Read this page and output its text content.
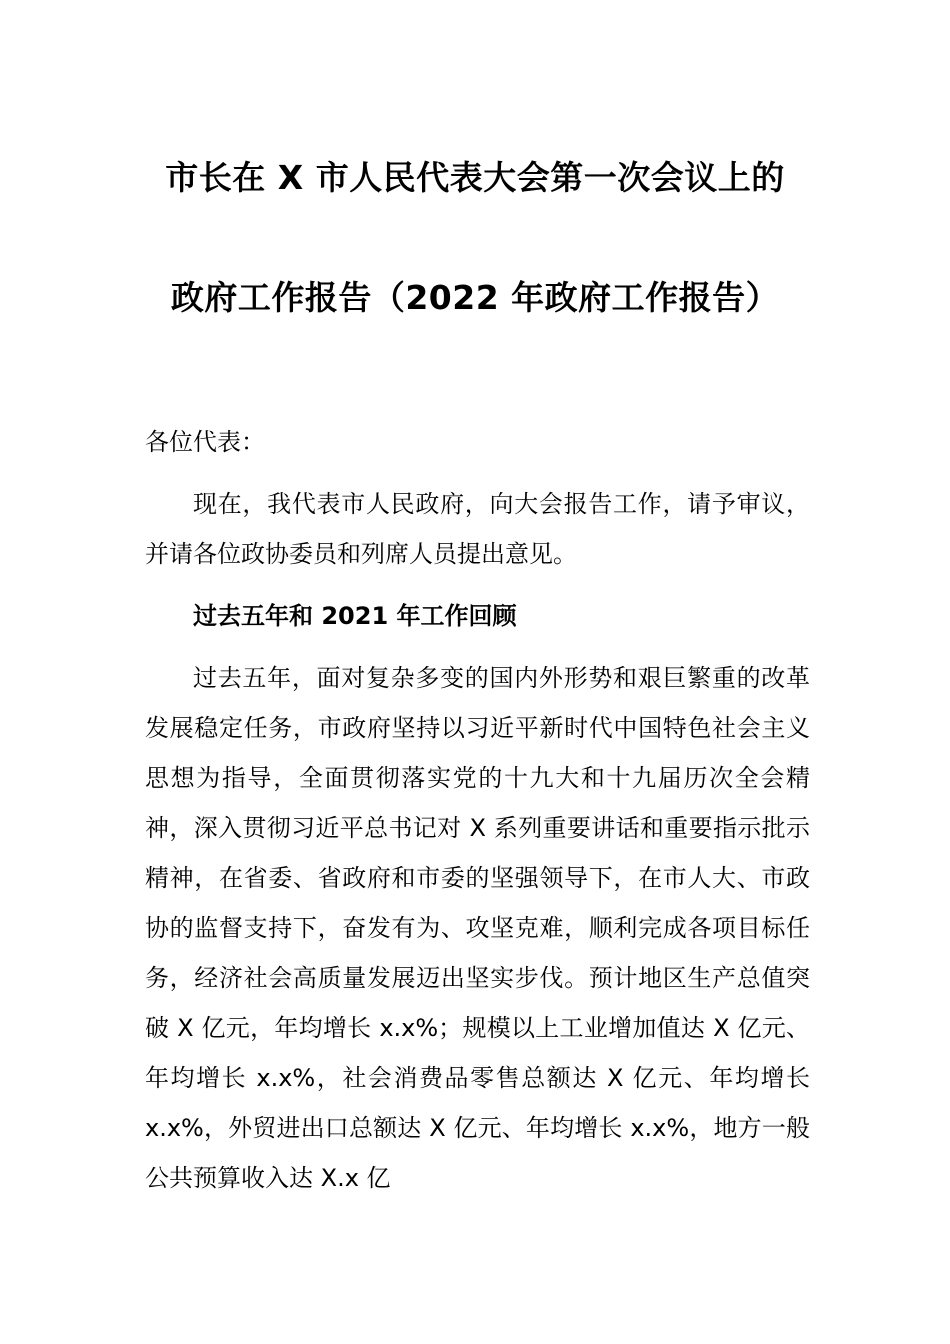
市长在 X 市人民代表大会第一次会议上的
政府工作报告（2022 年政府工作报告）

各位代表：

现在，我代表市人民政府，向大会报告工作，请予审议，并请各位政协委员和列席人员提出意见。

过去五年和 2021 年工作回顾

过去五年，面对复杂多变的国内外形势和艰巨繁重的改革发展稳定任务，市政府坚持以习近平新时代中国特色社会主义思想为指导，全面贯彻落实党的十九大和十九届历次全会精神，深入贯彻习近平总书记对 X 系列重要讲话和重要指示批示精神，在省委、省政府和市委的坚强领导下，在市人大、市政协的监督支持下，奋发有为、攻坚克难，顺利完成各项目标任务，经济社会高质量发展迈出坚实步伐。预计地区生产总值突破 X 亿元，年均增长 x.x%；规模以上工业增加值达 X 亿元、年均增长 x.x%，社会消费品零售总额达 X 亿元、年均增长 x.x%，外贸进出口总额达 X 亿元、年均增长 x.x%，地方一般公共预算收入达 X.x 亿
